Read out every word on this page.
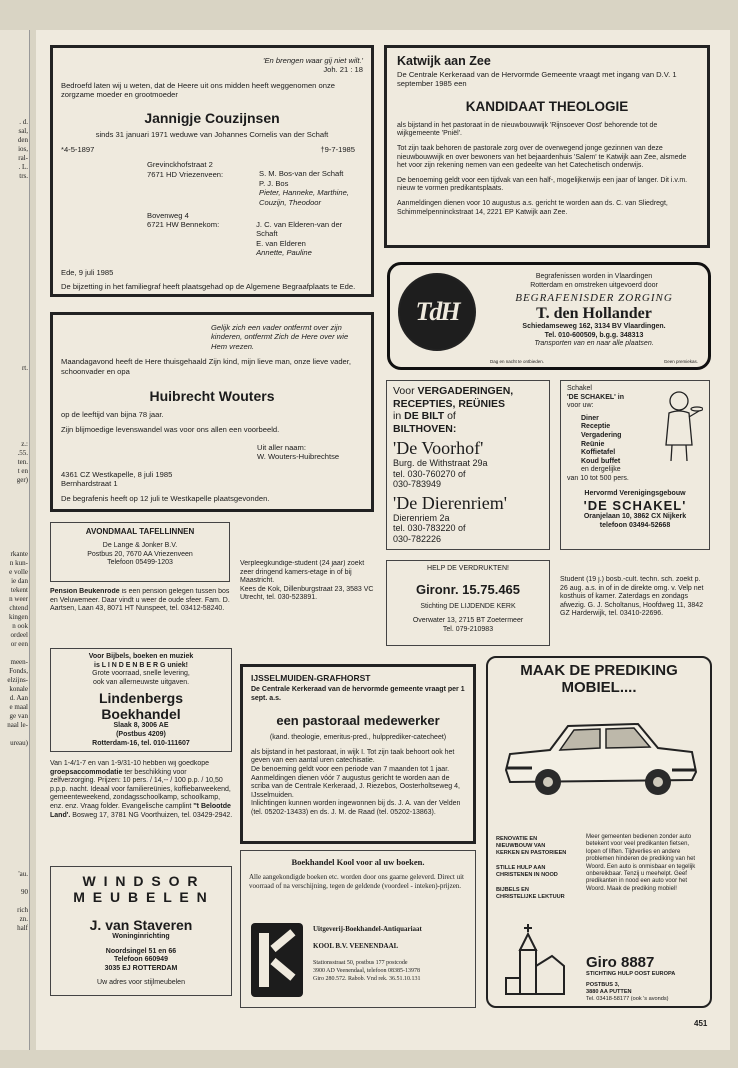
. d.
sal,
den
ios,
ral-
. L.
trs.
rt.
z.:
.55.
ten.
t en
ger)
rkante
n kun-
e volle
ie dan
tekent
n weer
chtend
kingen
n ook
ordeel
or een

meen-
Fonds,
elzijns-
konale
d. Aan
e maal
ge van
naal le-

ureau)
'au.

90

rich
zn.
half
'En brengen waar gij niet wilt.'
Joh. 21 : 18
Bedroefd laten wij u weten, dat de Heere uit ons midden heeft weggenomen onze zorgzame moeder en grootmoeder
Jannigje Couzijnsen
sinds 31 januari 1971 weduwe van Johannes Cornelis van der Schaft
*4-5-1897	†9-7-1985
Grevinckhofstraat 2
7671 HD Vriezenveen:	S. M. Bos-van der Schaft
P. J. Bos
Pieter, Hanneke, Marthine,
Couzijn, Theodoor
Bovenweg 4
6721 HW Bennekom:	J. C. van Elderen-van der Schaft
E. van Elderen
Annette, Pauline
Ede, 9 juli 1985
De bijzetting in het familiegraf heeft plaatsgehad op de Algemene Begraafplaats te Ede.
Katwijk aan Zee
De Centrale Kerkeraad van de Hervormde Gemeente vraagt met ingang van D.V. 1 september 1985 een
KANDIDAAT THEOLOGIE
als bijstand in het pastoraat in de nieuwbouwwijk 'Rijnsoever Oost' behorende tot de wijkgemeente 'Pniël'.
Tot zijn taak behoren de pastorale zorg over de overwegend jonge gezinnen van deze nieuwbouwwijk en over bewoners van het bejaardenhuis 'Salem' te Katwijk aan Zee, alsmede het voor zijn rekening nemen van een gedeelte van het Catechetisch onderwijs.
De benoeming geldt voor een tijdvak van een half-, mogelijkerwijs een jaar of langer. Dit i.v.m. nieuw te vormen predikantsplaats.
Aanmeldingen dienen voor 10 augustus a.s. gericht te worden aan ds. C. van Sliedregt, Schimmelpenninckstraat 14, 2221 EP Katwijk aan Zee.
TdH
Begrafenissen worden in Vlaardingen
Rotterdam en omstreken uitgevoerd door
BEGRAFENISDER ZORGING
T. den Hollander
Schiedamseweg 162, 3134 BV Vlaardingen.
Tel. 010-600509, b.g.g. 348313
Transporten van en naar alle plaatsen.
Dag en nacht te ontbieden.	Geen premiekas.
Gelijk zich een vader ontfermt over zijn kinderen, ontfermt Zich de Here over wie Hem vrezen.
Maandagavond heeft de Here thuisgehaald Zijn kind, mijn lieve man, onze lieve vader, schoonvader en opa
Huibrecht Wouters
op de leeftijd van bijna 78 jaar.
Zijn blijmoedige levenswandel was voor ons allen een voorbeeld.
Uit aller naam:
W. Wouters-Huibrechtse
4361 CZ Westkapelle, 8 juli 1985
Bernhardstraat 1
De begrafenis heeft op 12 juli te Westkapelle plaatsgevonden.
Voor VERGADERINGEN,
RECEPTIES, REÜNIES
in DE BILT of
BILTHOVEN:
'De Voorhof'
Burg. de Withstraat 29a
tel. 030-760270 of
030-783949
'De Dierenriem'
Dierenriem 2a
tel. 030-783220 of
030-782226
Schakel
'DE SCHAKEL' in
voor uw:
Diner
Receptie
Vergadering
Reünie
Koffietafel
Koud buffet
en dergelijke
van 10 tot 500 pers.
Hervormd Verenigingsgebouw
'DE SCHAKEL'
Oranjelaan 10, 3862 CX Nijkerk
telefoon 03494-52668
AVONDMAAL TAFELLINNEN
De Lange & Jonker B.V.
Postbus 20, 7670 AA Vriezenveen
Telefoon 05499-1203	Verpleegkundige-student (24 jaar) zoekt zeer dringend kamers-etage in of bij Maastricht.
Kees de Kok, Dillenburgstraat 23, 3583 VC Utrecht, tel. 030-523891.
HELP DE VERDRUKTEN!
Gironr. 15.75.465
Stichting DE LIJDENDE KERK
Overwater 13, 2715 BT Zoetermeer
Tel. 079-210983
Student (19 j.) bosb.-cult. techn. sch. zoekt p. 26 aug. a.s. in of in de direkte omg. v. Velp net kosthuis of kamer. Zaterdags en zondags afwezig. G. J. Scholtanus, Hoofdweg 11, 3842 GZ Harderwijk, tel. 03410-22696.
Pension Beukenrode is een pension gelegen tussen bos en Veluwemeer. Daar vindt u weer de oude sfeer. Fam. D. Aartsen, Laan 43, 8071 HT Nunspeet, tel. 03412-58240.
Voor Bijbels, boeken en muziek
is L I N D E N B E R G uniek!
Grote voorraad, snelle levering,
ook van allerneuwste uitgaven.
Lindenbergs
Boekhandel
Slaak 8, 3006 AE
(Postbus 4209)
Rotterdam-16, tel. 010-111607
Van 1-4/1-7 en van 1-9/31-10 hebben wij goedkope groepsaccommodatie ter beschikking voor zelfverzorging. Prijzen: 10 pers. / 14,-- / 100 p.p. / 10,50 p.p.p. nacht. Ideaal voor familiereünies, koffiebarweekend, gemeenteweekend, zondagsschoolkamp, schoolkamp, enz. enz. Vraag folder. Evangelische camplint ''t Belootde Land'. Bosweg 17, 3781 NG Voorthuizen, tel. 03429-2942.
W I N D S O R
M E U B E L E N
J. van Staveren
Woninginrichting
Noordsingel 51 en 66
Telefoon 660949
3035 EJ ROTTERDAM
Uw adres voor stijlmeubelen
IJSSELMUIDEN-GRAFHORST
De Centrale Kerkeraad van de hervormde gemeente vraagt per 1 sept. a.s.
een pastoraal medewerker
(kand. theologie, emeritus-pred., hulpprediker-catecheet)
als bijstand in het pastoraat, in wijk I. Tot zijn taak behoort ook het geven van een aantal uren catechisatie.
De benoeming geldt voor een periode van 7 maanden tot 1 jaar. Aanmeldingen dienen vóór 7 augustus gericht te worden aan de scriba van de Centrale Kerkeraad, J. Riezebos, Oosterholtseweg 4, IJsselmuiden.
Inlichtingen kunnen worden ingewonnen bij ds. J. A. van der Velden (tel. 05202-13433) en ds. J. M. de Raad (tel. 05202-13863).
Boekhandel Kool voor al uw boeken.
Alle aangekondigde boeken etc. worden door ons gaarne geleverd. Direct uit voorraad of na verschijning, tegen de geldende (voordeel - inteken)-prijzen.
Uitgeverij-Boekhandel-Antiquariaat
KOOL B.V. VEENENDAAL
Stationsstraat 50, postbus 177 postcode
3900 AD Veenendaal, telefoon 08385-13978
Giro 280.572. Rabob. Vnd rek. 36.51.10.131
MAAK DE PREDIKING
MOBIEL....
RENOVATIE EN NIEUWBOUW VAN KERKEN EN PASTORIEEN
STILLE HULP AAN CHRISTENEN IN NOOD
BIJBELS EN CHRISTELIJKE LEKTUUR
Meer gemeenten bedienen zonder auto betekent voor veel predikanten fietsen, lopen of liften. Tijdverlies en andere problemen hinderen de prediking van het Woord. Een auto is onmisbaar en tegelijk onbereikbaar. Tenzij u meehelpt. Geef predikanten in nood een auto voor het Woord. Maak de prediking mobiel!
Giro 8887
STICHTING HULP OOST EUROPA
POSTBUS 3,
3880 AA PUTTEN
Tel. 03418-58177 (ook 's avonds)
451
